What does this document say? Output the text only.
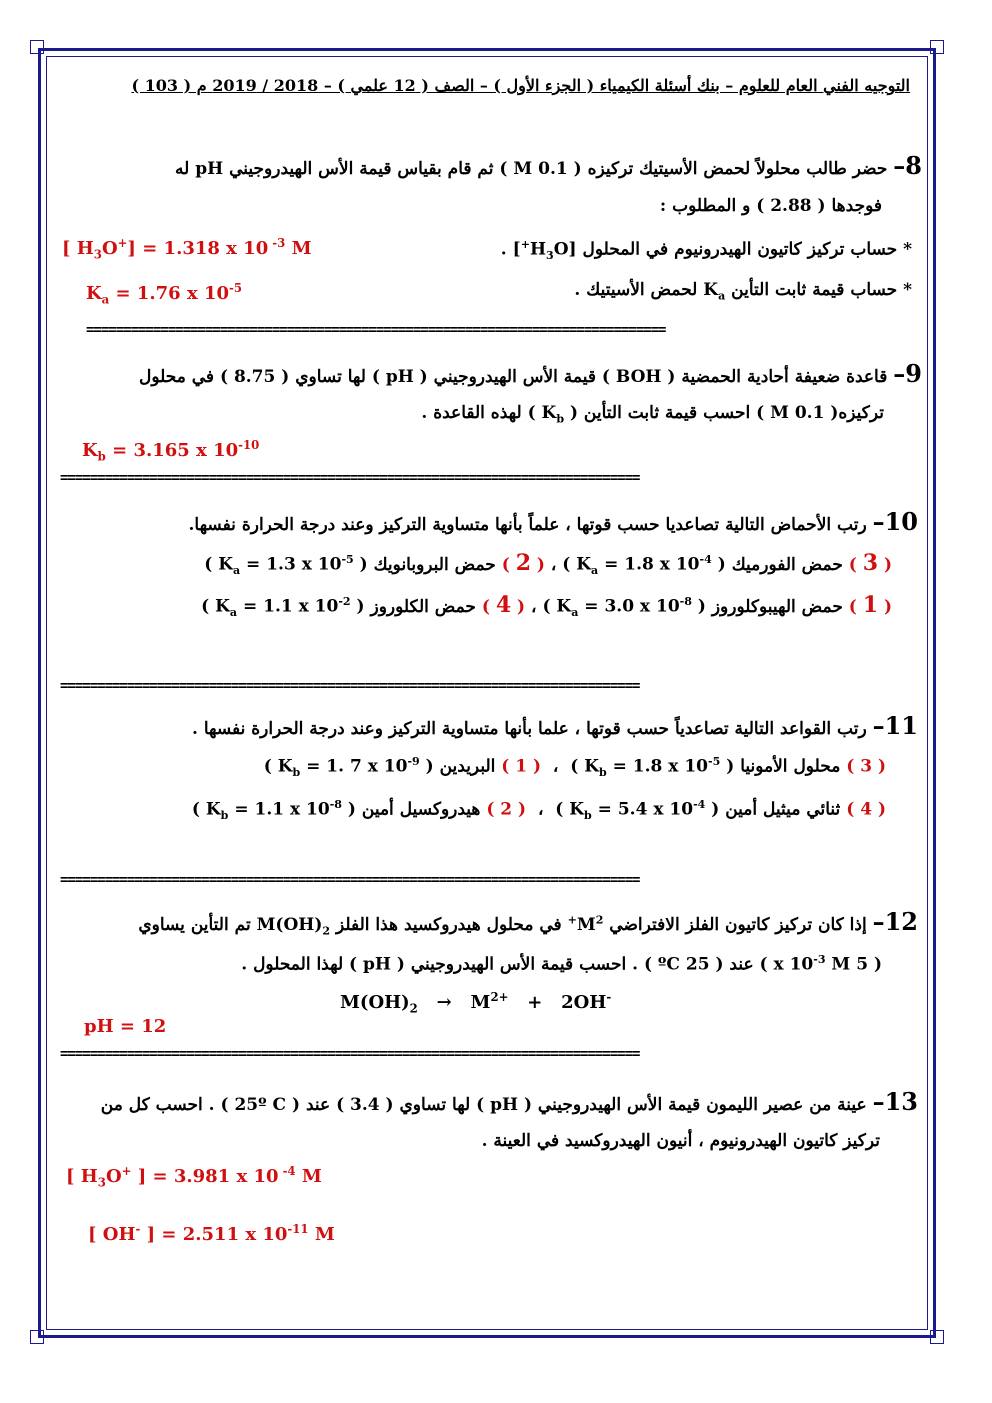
التوجيه الفني العام للعلوم – بنك أسئلة الكيمياء ( الجزء الأول ) – الصف ( 12 علمي ) – 2018 / 2019 م ( 103 )
8– حضر طالب محلولاً لحمض الأسيتيك تركيزه ( 0.1 M ) ثم قام بقياس قيمة الأس الهيدروجيني pH له
فوجدها ( 2.88 ) و المطلوب :
* حساب تركيز كاتيون الهيدرونيوم في المحلول $[H_3O^+]$ .
[ $H_3O^+] = 1.318$ x 10 $^{-3}$ M
* حساب قيمة ثابت التأين $K_a$ لحمض الأسيتيك .
$K_a = 1.76$ x $10^{-5}$
==============================================================================
9– قاعدة ضعيفة أحادية الحمضية ( BOH ) قيمة الأس الهيدروجيني ( pH ) لها تساوي ( 8.75 ) في محلول
تركيزه( 0.1 M ) احسب قيمة ثابت التأين ( $K_b$ ) لهذه القاعدة .
$K_b = 3.165$ x $10^{-10}$
==============================================================================
10– رتب الأحماض التالية تصاعديا حسب قوتها ، علماً بأنها متساوية التركيز وعند درجة الحرارة نفسها.
( 3 ) حمض الفورميك ( $K_a = 1.8$ x $10^{-4}$ ) ، ( 2 ) حمض البروبانويك ( $K_a = 1.3$ x $10^{-5}$ )
( 1 ) حمض الهيبوكلوروز ( $K_a = 3.0$ x $10^{-8}$ ) ، ( 4 ) حمض الكلوروز ( $K_a = 1.1$ x $10^{-2}$ )
==============================================================================
11– رتب القواعد التالية تصاعدياً حسب قوتها ، علما بأنها متساوية التركيز وعند درجة الحرارة نفسها .
( 3 ) محلول الأمونيا ( $K_b = 1.8$ x $10^{-5}$ )  ،  ( 1 ) البريدين ( $K_b = 1$. 7 x $10^{-9}$ )
( 4 ) ثنائي ميثيل أمين ( $K_b = 5.4$ x $10^{-4}$ )  ،  ( 2 ) هيدروكسيل أمين ( $K_b = 1.1$ x $10^{-8}$ )
==============================================================================
12– إذا كان تركيز كاتيون الفلز الافتراضي $M^{2+}$ في محلول هيدروكسيد هذا الفلز $M(OH)_2$ تم التأين يساوي
( 5 x $10^{-3}$ M ) عند ( 25 ºC ) . احسب قيمة الأس الهيدروجيني ( pH ) لهذا المحلول .
$M(OH)_2 \to M^{2+} + 2OH^-$
pH = 12
==============================================================================
13– عينة من عصير الليمون قيمة الأس الهيدروجيني ( pH ) لها تساوي ( 3.4 ) عند ( 25º C ) . احسب كل من
تركيز كاتيون الهيدرونيوم ، أنيون الهيدروكسيد في العينة .
[ $H_3O^+$ ] = 3.981 x 10 $^{-4}$ M
[ OH- ] = 2.511 x $10^{-11}$ M
